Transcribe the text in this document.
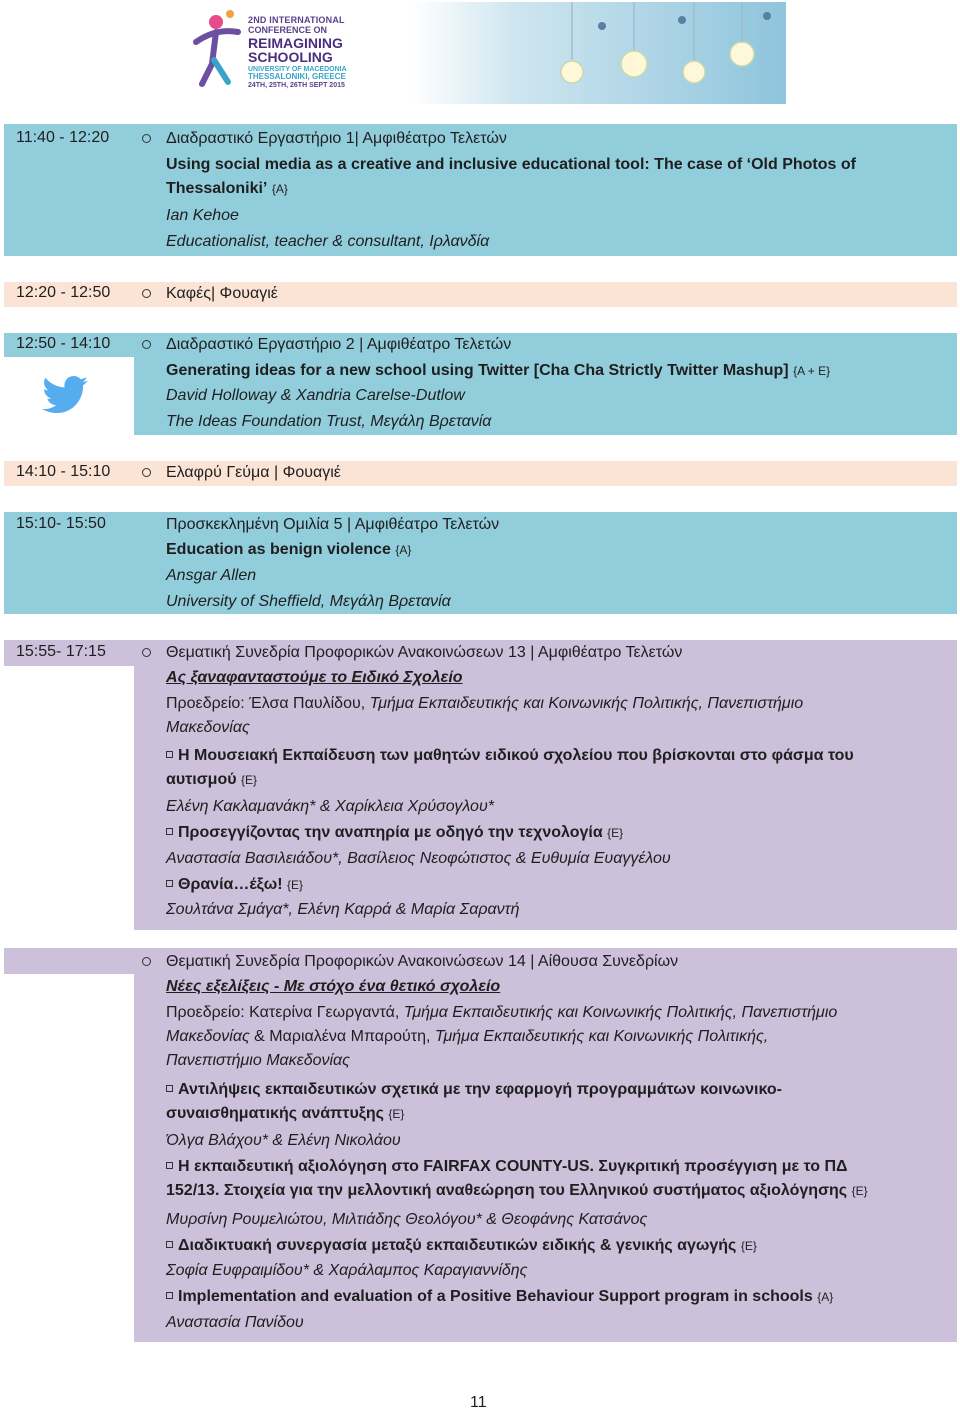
2ND INTERNATIONAL
CONFERENCE ON
REIMAGINING
SCHOOLING
UNIVERSITY OF MACEDONIA
THESSALONIKI, GREECE
24TH, 25TH, 26TH SEPT 2015
11:40 - 12:20	Διαδραστικό Εργαστήριο 1| Αμφιθέατρο Τελετών
Using social media as a creative and inclusive educational tool: The case of ‘Old Photos of
Thessaloniki’ {A}
Ian Kehoe
Educationalist, teacher & consultant, Ιρλανδία
12:20 - 12:50	Καφές| Φουαγιέ
12:50 - 14:10	Διαδραστικό Εργαστήριο 2 | Αμφιθέατρο Τελετών
Generating ideas for a new school using Twitter [Cha Cha Strictly Twitter Mashup] {A + E}
David Holloway & Xandria Carelse-Dutlow
The Ideas Foundation Trust, Μεγάλη Βρετανία
14:10 - 15:10	Ελαφρύ Γεύμα | Φουαγιέ
15:10- 15:50	Προσκεκλημένη Ομιλία 5 | Αμφιθέατρο Τελετών
Education as benign violence {A}
Ansgar Allen
University of Sheffield, Μεγάλη Βρετανία
15:55- 17:15	Θεματική Συνεδρία Προφορικών Ανακοινώσεων 13 | Αμφιθέατρο Τελετών
Ας ξαναφανταστούμε το Ειδικό Σχολείο
Προεδρείο: Έλσα Παυλίδου, Τμήμα Εκπαιδευτικής και Κοινωνικής Πολιτικής, Πανεπιστήμιο
Μακεδονίας
Η Μουσειακή Εκπαίδευση των μαθητών ειδικού σχολείου που βρίσκονται στο φάσμα του
αυτισμού {E}
Ελένη Κακλαμανάκη* & Χαρίκλεια Χρύσογλου*
Προσεγγίζοντας την αναπηρία με οδηγό την τεχνολογία {E}
Αναστασία Βασιλειάδου*, Βασίλειος Νεοφώτιστος & Ευθυμία Ευαγγέλου
Θρανία…έξω! {E}
Σουλτάνα Σμάγα*, Ελένη Καρρά & Μαρία Σαραντή
Θεματική Συνεδρία Προφορικών Ανακοινώσεων 14 | Αίθουσα Συνεδρίων
Νέες εξελίξεις - Με στόχο ένα θετικό σχολείο
Προεδρείο: Κατερίνα Γεωργαντά, Τμήμα Εκπαιδευτικής και Κοινωνικής Πολιτικής, Πανεπιστήμιο
Μακεδονίας & Μαριαλένα Μπαρούτη, Τμήμα Εκπαιδευτικής και Κοινωνικής Πολιτικής,
Πανεπιστήμιο Μακεδονίας
Αντιλήψεις εκπαιδευτικών σχετικά με την εφαρμογή προγραμμάτων κοινωνικο-
συναισθηματικής ανάπτυξης {E}
Όλγα Βλάχου* & Ελένη Νικολάου
Η εκπαιδευτική αξιολόγηση στο FAIRFAX COUNTY-US. Συγκριτική προσέγγιση με το ΠΔ
152/13. Στοιχεία για την μελλοντική αναθεώρηση του Ελληνικού συστήματος αξιολόγησης {E}
Μυρσίνη Ρουμελιώτου, Μιλτιάδης Θεολόγου* & Θεοφάνης Κατσάνος
Διαδικτυακή συνεργασία μεταξύ εκπαιδευτικών ειδικής & γενικής αγωγής {E}
Σοφία Ευφραιμίδου* & Χαράλαμπος Καραγιαννίδης
Implementation and evaluation of a Positive Behaviour Support program in schools {A}
Αναστασία Πανίδου
11
